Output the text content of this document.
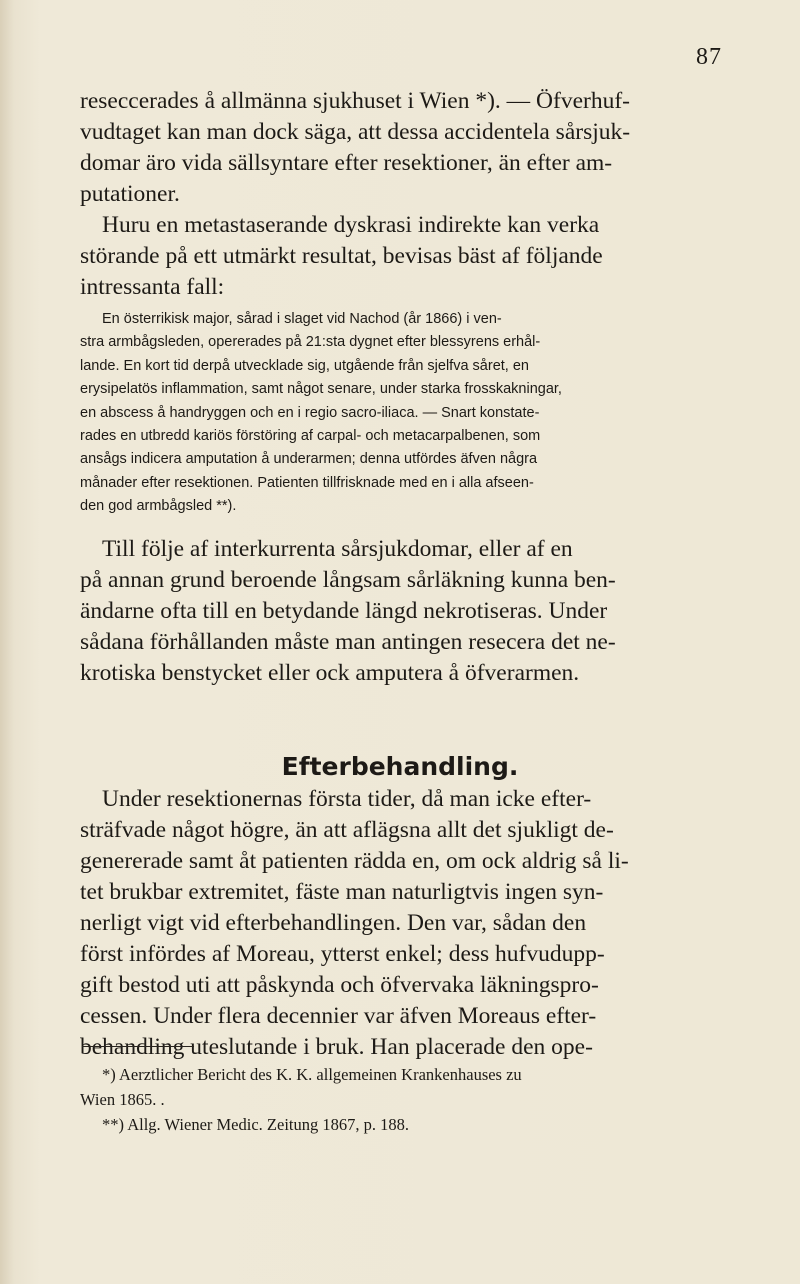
87

reseccerades å allmänna sjukhuset i Wien *). — Öfverhuf-
vudtaget kan man dock säga, att dessa accidentela sårsjuk-
domar äro vida sällsyntare efter resektioner, än efter am-
putationer.

Huru en metastaserande dyskrasi indirekte kan verka
störande på ett utmärkt resultat, bevisas bäst af följande
intressanta fall:

En österrikisk major, sårad i slaget vid Nachod (år 1866) i ven-
stra armbågsleden, opererades på 21:sta dygnet efter blessyrens erhål-
lande. En kort tid derpå utvecklade sig, utgående från sjelfva såret, en
erysipelatös inflammation, samt något senare, under starka frosskakningar,
en abscess å handryggen och en i regio sacro-iliaca. — Snart konstate-
rades en utbredd kariös förstöring af carpal- och metacarpalbenen, som
ansågs indicera amputation å underarmen; denna utfördes äfven några
månader efter resektionen. Patienten tillfrisknade med en i alla afseen-
den god armbågsled **).

Till följe af interkurrenta sårsjukdomar, eller af en
på annan grund beroende långsam sårläkning kunna ben-
ändarne ofta till en betydande längd nekrotiseras. Under
sådana förhållanden måste man antingen resecera det ne-
krotiska benstycket eller ock amputera å öfverarmen.

Efterbehandling.

Under resektionernas första tider, då man icke efter-
sträfvade något högre, än att aflägsna allt det sjukligt de-
genererade samt åt patienten rädda en, om ock aldrig så li-
tet brukbar extremitet, fäste man naturligtvis ingen syn-
nerligt vigt vid efterbehandlingen. Den var, sådan den
först infördes af Moreau, ytterst enkel; dess hufvudupp-
gift bestod uti att påskynda och öfvervaka läkningspro-
cessen. Under flera decennier var äfven Moreaus efter-
behandling uteslutande i bruk. Han placerade den ope-

*) Aerztlicher Bericht des K. K. allgemeinen Krankenhauses zu
Wien 1865. .
**) Allg. Wiener Medic. Zeitung 1867, p. 188.
